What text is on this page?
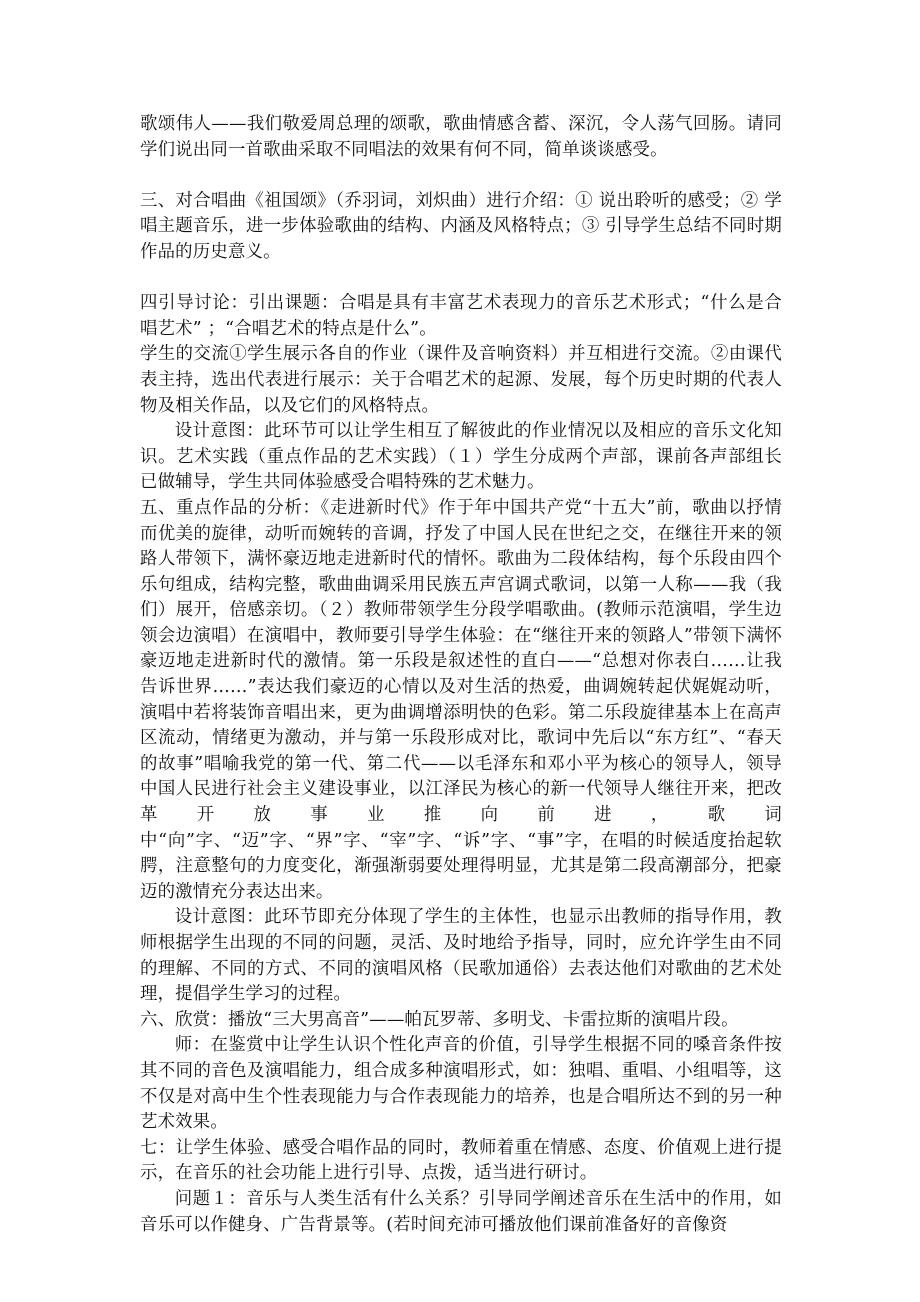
歌颂伟人——我们敬爱周总理的颂歌，歌曲情感含蓄、深沉，令人荡气回肠。请同学们说出同一首歌曲采取不同唱法的效果有何不同，简单谈谈感受。

三、对合唱曲《祖国颂》（乔羽词，刘炽曲）进行介绍：① 说出聆听的感受；② 学唱主题音乐，进一步体验歌曲的结构、内涵及风格特点；③ 引导学生总结不同时期作品的历史意义。

四引导讨论：引出课题：合唱是具有丰富艺术表现力的音乐艺术形式；“什么是合唱艺术” ；“合唱艺术的特点是什么”。

学生的交流①学生展示各自的作业（课件及音响资料）并互相进行交流。②由课代表主持，选出代表进行展示：关于合唱艺术的起源、发展，每个历史时期的代表人物及相关作品，以及它们的风格特点。

设计意图：此环节可以让学生相互了解彼此的作业情况以及相应的音乐文化知识。艺术实践（重点作品的艺术实践）（１）学生分成两个声部，课前各声部组长已做辅导，学生共同体验感受合唱特殊的艺术魅力。

五、重点作品的分析：《走进新时代》作于年中国共产党“十五大”前，歌曲以抒情而优美的旋律，动听而婉转的音调，抒发了中国人民在世纪之交，在继往开来的领路人带领下，满怀豪迈地走进新时代的情怀。歌曲为二段体结构，每个乐段由四个乐句组成，结构完整，歌曲曲调采用民族五声宫调式歌词，以第一人称——我（我们）展开，倍感亲切。（２）教师带领学生分段学唱歌曲。(教师示范演唱，学生边领会边演唱）在演唱中，教师要引导学生体验：在“继往开来的领路人”带领下满怀豪迈地走进新时代的激情。第一乐段是叙述性的直白——“总想对你表白……让我告诉世界……”表达我们豪迈的心情以及对生活的热爱，曲调婉转起伏娓娓动听，演唱中若将装饰音唱出来，更为曲调增添明快的色彩。第二乐段旋律基本上在高声区流动，情绪更为激动，并与第一乐段形成对比，歌词中先后以“东方红”、“春天的故事”唱喻我党的第一代、第二代——以毛泽东和邓小平为核心的领导人，领导中国人民进行社会主义建设事业，以江泽民为核心的新一代领导人继往开来，把改革开放事业推向前进，歌词中“向”字、“迈”字、“界”字、“宰”字、“诉”字、“事”字，在唱的时候适度抬起软腭，注意整句的力度变化，渐强渐弱要处理得明显，尤其是第二段高潮部分，把豪迈的激情充分表达出来。

设计意图：此环节即充分体现了学生的主体性，也显示出教师的指导作用，教师根据学生出现的不同的问题，灵活、及时地给予指导，同时，应允许学生由不同的理解、不同的方式、不同的演唱风格（民歌加通俗）去表达他们对歌曲的艺术处理，提倡学生学习的过程。

六、欣赏：播放“三大男高音”——帕瓦罗蒂、多明戈、卡雷拉斯的演唱片段。

师：在鉴赏中让学生认识个性化声音的价值，引导学生根据不同的嗓音条件按其不同的音色及演唱能力，组合成多种演唱形式，如：独唱、重唱、小组唱等，这不仅是对高中生个性表现能力与合作表现能力的培养，也是合唱所达不到的另一种艺术效果。

七：让学生体验、感受合唱作品的同时，教师着重在情感、态度、价值观上进行提示，在音乐的社会功能上进行引导、点拨，适当进行研讨。

问题１：音乐与人类生活有什么关系？引导同学阐述音乐在生活中的作用，如音乐可以作健身、广告背景等。(若时间充沛可播放他们课前准备好的音像资
